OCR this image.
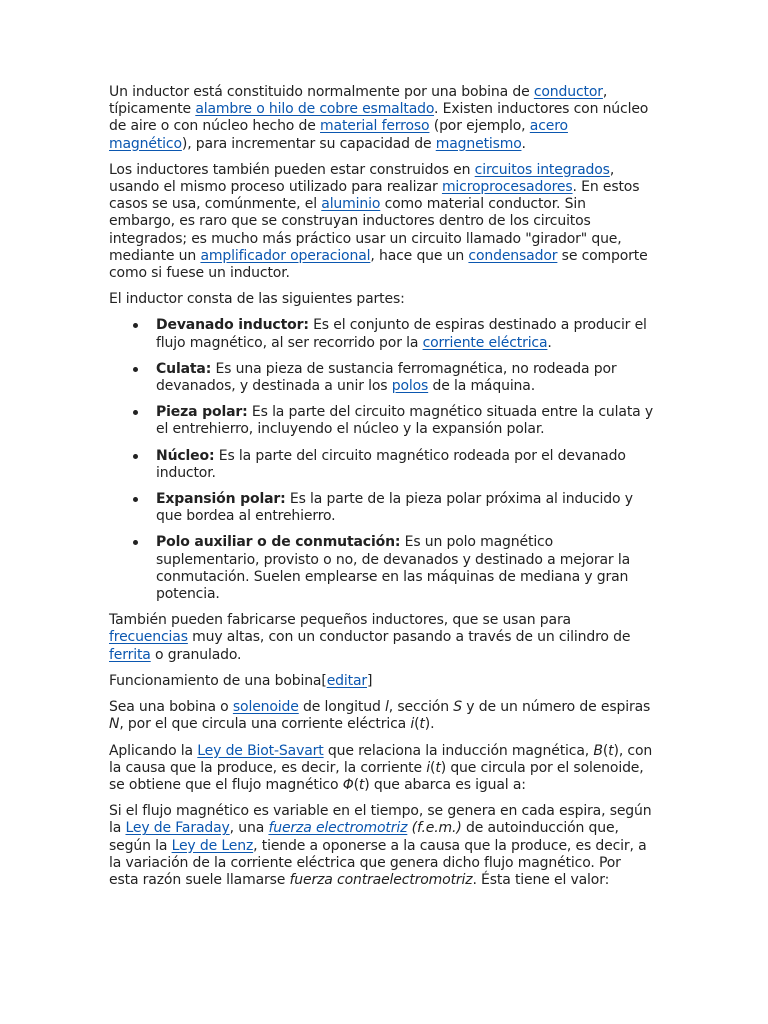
Un inductor está constituido normalmente por una bobina de conductor, típicamente alambre o hilo de cobre esmaltado. Existen inductores con núcleo de aire o con núcleo hecho de material ferroso (por ejemplo, acero magnético), para incrementar su capacidad de magnetismo.

Los inductores también pueden estar construidos en circuitos integrados, usando el mismo proceso utilizado para realizar microprocesadores. En estos casos se usa, comúnmente, el aluminio como material conductor. Sin embargo, es raro que se construyan inductores dentro de los circuitos integrados; es mucho más práctico usar un circuito llamado "girador" que, mediante un amplificador operacional, hace que un condensador se comporte como si fuese un inductor.

El inductor consta de las siguientes partes:

Devanado inductor: Es el conjunto de espiras destinado a producir el flujo magnético, al ser recorrido por la corriente eléctrica.
Culata: Es una pieza de sustancia ferromagnética, no rodeada por devanados, y destinada a unir los polos de la máquina.
Pieza polar: Es la parte del circuito magnético situada entre la culata y el entrehierro, incluyendo el núcleo y la expansión polar.
Núcleo: Es la parte del circuito magnético rodeada por el devanado inductor.
Expansión polar: Es la parte de la pieza polar próxima al inducido y que bordea al entrehierro.
Polo auxiliar o de conmutación: Es un polo magnético suplementario, provisto o no, de devanados y destinado a mejorar la conmutación. Suelen emplearse en las máquinas de mediana y gran potencia.

También pueden fabricarse pequeños inductores, que se usan para frecuencias muy altas, con un conductor pasando a través de un cilindro de ferrita o granulado.

Funcionamiento de una bobina[editar]

Sea una bobina o solenoide de longitud l, sección S y de un número de espiras N, por el que circula una corriente eléctrica i(t).

Aplicando la Ley de Biot-Savart que relaciona la inducción magnética, B(t), con la causa que la produce, es decir, la corriente i(t) que circula por el solenoide, se obtiene que el flujo magnético Φ(t) que abarca es igual a:

Si el flujo magnético es variable en el tiempo, se genera en cada espira, según la Ley de Faraday, una fuerza electromotriz (f.e.m.) de autoinducción que, según la Ley de Lenz, tiende a oponerse a la causa que la produce, es decir, a la variación de la corriente eléctrica que genera dicho flujo magnético. Por esta razón suele llamarse fuerza contraelectromotriz. Ésta tiene el valor:
